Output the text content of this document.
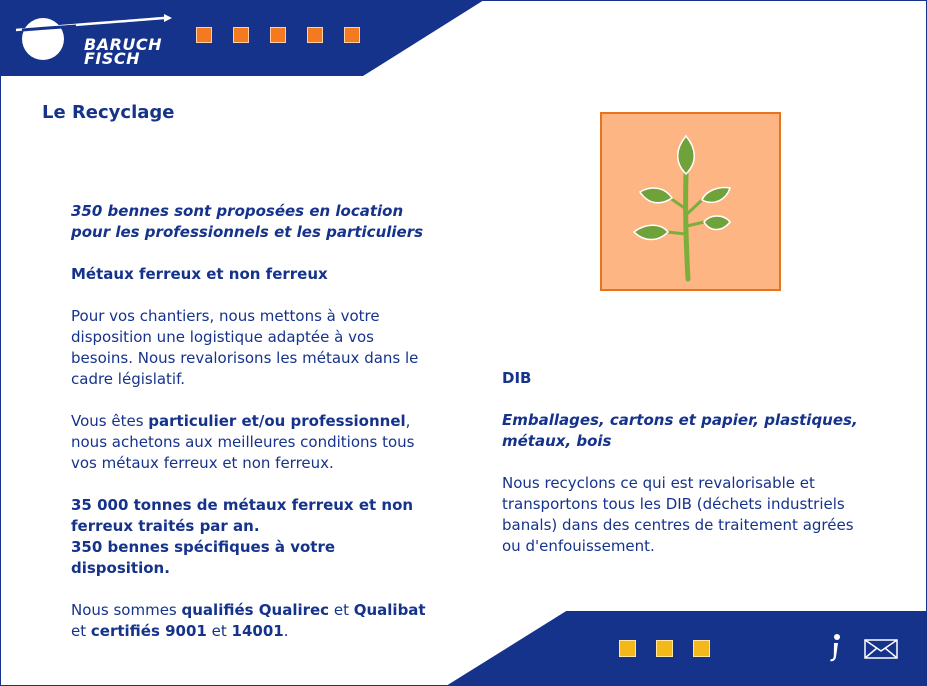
BARUCH
FISCH
Le Recyclage

350 bennes sont proposées en location
pour les professionnels et les particuliers

Métaux ferreux et non ferreux

Pour vos chantiers, nous mettons à votre
disposition une logistique adaptée à vos
besoins. Nous revalorisons les métaux dans le
cadre législatif.

Vous êtes particulier et/ou professionnel,
nous achetons aux meilleures conditions tous
vos métaux ferreux et non ferreux.

35 000 tonnes de métaux ferreux et non
ferreux traités par an.
350 bennes spécifiques à votre
disposition.

Nous sommes qualifiés Qualirec et Qualibat
et certifiés 9001 et 14001.

DIB

Emballages, cartons et papier, plastiques,
métaux, bois

Nous recyclons ce qui est revalorisable et
transportons tous les DIB (déchets industriels
banals) dans des centres de traitement agrées
ou d'enfouissement.
